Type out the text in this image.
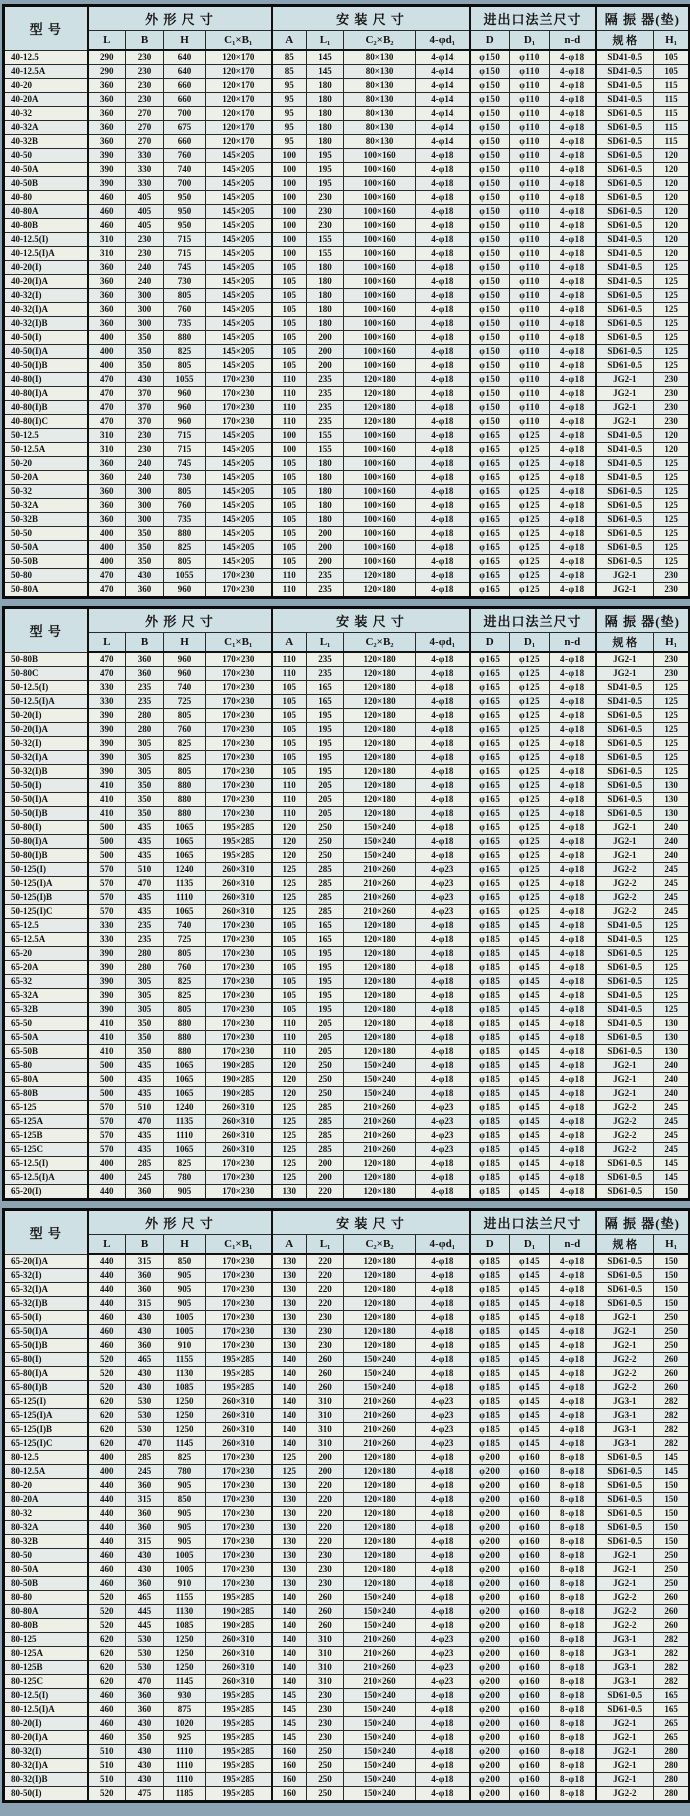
型 号	外 形 尺 寸				安 装 尺 寸				进出口法兰尺寸			隔 振 器(垫)	
	L	B	H	C₁×B₁	A	L₁	C₂×B₂	4-φd₁	D	D₁	n-d	规 格	H₁
40-12.5	290	230	640	120×170	85	145	80×130	4-φ14	φ150	φ110	4-φ18	SD41-0.5	105
40-12.5A	290	230	640	120×170	85	145	80×130	4-φ14	φ150	φ110	4-φ18	SD41-0.5	105
40-20	360	230	660	120×170	95	180	80×130	4-φ14	φ150	φ110	4-φ18	SD41-0.5	115
40-20A	360	230	660	120×170	95	180	80×130	4-φ14	φ150	φ110	4-φ18	SD41-0.5	115
40-32	360	270	700	120×170	95	180	80×130	4-φ14	φ150	φ110	4-φ18	SD61-0.5	115
40-32A	360	270	675	120×170	95	180	80×130	4-φ14	φ150	φ110	4-φ18	SD61-0.5	115
40-32B	360	270	660	120×170	95	180	80×130	4-φ14	φ150	φ110	4-φ18	SD61-0.5	115
40-50	390	330	760	145×205	100	195	100×160	4-φ18	φ150	φ110	4-φ18	SD61-0.5	120
40-50A	390	330	740	145×205	100	195	100×160	4-φ18	φ150	φ110	4-φ18	SD61-0.5	120
40-50B	390	330	700	145×205	100	195	100×160	4-φ18	φ150	φ110	4-φ18	SD61-0.5	120
40-80	460	405	950	145×205	100	230	100×160	4-φ18	φ150	φ110	4-φ18	SD61-0.5	120
40-80A	460	405	950	145×205	100	230	100×160	4-φ18	φ150	φ110	4-φ18	SD61-0.5	120
40-80B	460	405	950	145×205	100	230	100×160	4-φ18	φ150	φ110	4-φ18	SD61-0.5	120
40-12.5(I)	310	230	715	145×205	100	155	100×160	4-φ18	φ150	φ110	4-φ18	SD41-0.5	120
40-12.5(I)A	310	230	715	145×205	100	155	100×160	4-φ18	φ150	φ110	4-φ18	SD41-0.5	120
40-20(I)	360	240	745	145×205	105	180	100×160	4-φ18	φ150	φ110	4-φ18	SD41-0.5	125
40-20(I)A	360	240	730	145×205	105	180	100×160	4-φ18	φ150	φ110	4-φ18	SD41-0.5	125
40-32(I)	360	300	805	145×205	105	180	100×160	4-φ18	φ150	φ110	4-φ18	SD61-0.5	125
40-32(I)A	360	300	760	145×205	105	180	100×160	4-φ18	φ150	φ110	4-φ18	SD61-0.5	125
40-32(I)B	360	300	735	145×205	105	180	100×160	4-φ18	φ150	φ110	4-φ18	SD61-0.5	125
40-50(I)	400	350	880	145×205	105	200	100×160	4-φ18	φ150	φ110	4-φ18	SD61-0.5	125
40-50(I)A	400	350	825	145×205	105	200	100×160	4-φ18	φ150	φ110	4-φ18	SD61-0.5	125
40-50(I)B	400	350	805	145×205	105	200	100×160	4-φ18	φ150	φ110	4-φ18	SD61-0.5	125
40-80(I)	470	430	1055	170×230	110	235	120×180	4-φ18	φ150	φ110	4-φ18	JG2-1	230
40-80(I)A	470	370	960	170×230	110	235	120×180	4-φ18	φ150	φ110	4-φ18	JG2-1	230
40-80(I)B	470	370	960	170×230	110	235	120×180	4-φ18	φ150	φ110	4-φ18	JG2-1	230
40-80(I)C	470	370	960	170×230	110	235	120×180	4-φ18	φ150	φ110	4-φ18	JG2-1	230
50-12.5	310	230	715	145×205	100	155	100×160	4-φ18	φ165	φ125	4-φ18	SD41-0.5	120
50-12.5A	310	230	715	145×205	100	155	100×160	4-φ18	φ165	φ125	4-φ18	SD41-0.5	120
50-20	360	240	745	145×205	105	180	100×160	4-φ18	φ165	φ125	4-φ18	SD41-0.5	125
50-20A	360	240	730	145×205	105	180	100×160	4-φ18	φ165	φ125	4-φ18	SD41-0.5	125
50-32	360	300	805	145×205	105	180	100×160	4-φ18	φ165	φ125	4-φ18	SD61-0.5	125
50-32A	360	300	760	145×205	105	180	100×160	4-φ18	φ165	φ125	4-φ18	SD61-0.5	125
50-32B	360	300	735	145×205	105	180	100×160	4-φ18	φ165	φ125	4-φ18	SD61-0.5	125
50-50	400	350	880	145×205	105	200	100×160	4-φ18	φ165	φ125	4-φ18	SD61-0.5	125
50-50A	400	350	825	145×205	105	200	100×160	4-φ18	φ165	φ125	4-φ18	SD61-0.5	125
50-50B	400	350	805	145×205	105	200	100×160	4-φ18	φ165	φ125	4-φ18	SD61-0.5	125
50-80	470	430	1055	170×230	110	235	120×180	4-φ18	φ165	φ125	4-φ18	JG2-1	230
50-80A	470	360	960	170×230	110	235	120×180	4-φ18	φ165	φ125	4-φ18	JG2-1	230
型 号	外 形 尺 寸				安 装 尺 寸				进出口法兰尺寸			隔 振 器(垫)	
	L	B	H	C₁×B₁	A	L₁	C₂×B₂	4-φd₁	D	D₁	n-d	规 格	H₁
50-80B	470	360	960	170×230	110	235	120×180	4-φ18	φ165	φ125	4-φ18	JG2-1	230
50-80C	470	360	960	170×230	110	235	120×180	4-φ18	φ165	φ125	4-φ18	JG2-1	230
50-12.5(I)	330	235	740	170×230	105	165	120×180	4-φ18	φ165	φ125	4-φ18	SD41-0.5	125
50-12.5(I)A	330	235	725	170×230	105	165	120×180	4-φ18	φ165	φ125	4-φ18	SD41-0.5	125
50-20(I)	390	280	805	170×230	105	195	120×180	4-φ18	φ165	φ125	4-φ18	SD61-0.5	125
50-20(I)A	390	280	760	170×230	105	195	120×180	4-φ18	φ165	φ125	4-φ18	SD61-0.5	125
50-32(I)	390	305	825	170×230	105	195	120×180	4-φ18	φ165	φ125	4-φ18	SD61-0.5	125
50-32(I)A	390	305	825	170×230	105	195	120×180	4-φ18	φ165	φ125	4-φ18	SD61-0.5	125
50-32(I)B	390	305	805	170×230	105	195	120×180	4-φ18	φ165	φ125	4-φ18	SD61-0.5	125
50-50(I)	410	350	880	170×230	110	205	120×180	4-φ18	φ165	φ125	4-φ18	SD61-0.5	130
50-50(I)A	410	350	880	170×230	110	205	120×180	4-φ18	φ165	φ125	4-φ18	SD61-0.5	130
50-50(I)B	410	350	880	170×230	110	205	120×180	4-φ18	φ165	φ125	4-φ18	SD61-0.5	130
50-80(I)	500	435	1065	195×285	120	250	150×240	4-φ18	φ165	φ125	4-φ18	JG2-1	240
50-80(I)A	500	435	1065	195×285	120	250	150×240	4-φ18	φ165	φ125	4-φ18	JG2-1	240
50-80(I)B	500	435	1065	195×285	120	250	150×240	4-φ18	φ165	φ125	4-φ18	JG2-1	240
50-125(I)	570	510	1240	260×310	125	285	210×260	4-φ23	φ165	φ125	4-φ18	JG2-2	245
50-125(I)A	570	470	1135	260×310	125	285	210×260	4-φ23	φ165	φ125	4-φ18	JG2-2	245
50-125(I)B	570	435	1110	260×310	125	285	210×260	4-φ23	φ165	φ125	4-φ18	JG2-2	245
50-125(I)C	570	435	1065	260×310	125	285	210×260	4-φ23	φ165	φ125	4-φ18	JG2-2	245
65-12.5	330	235	740	170×230	105	165	120×180	4-φ18	φ185	φ145	4-φ18	SD41-0.5	125
65-12.5A	330	235	725	170×230	105	165	120×180	4-φ18	φ185	φ145	4-φ18	SD41-0.5	125
65-20	390	280	805	170×230	105	195	120×180	4-φ18	φ185	φ145	4-φ18	SD61-0.5	125
65-20A	390	280	760	170×230	105	195	120×180	4-φ18	φ185	φ145	4-φ18	SD61-0.5	125
65-32	390	305	825	170×230	105	195	120×180	4-φ18	φ185	φ145	4-φ18	SD61-0.5	125
65-32A	390	305	825	170×230	105	195	120×180	4-φ18	φ185	φ145	4-φ18	SD41-0.5	125
65-32B	390	305	805	170×230	105	195	120×180	4-φ18	φ185	φ145	4-φ18	SD41-0.5	125
65-50	410	350	880	170×230	110	205	120×180	4-φ18	φ185	φ145	4-φ18	SD41-0.5	130
65-50A	410	350	880	170×230	110	205	120×180	4-φ18	φ185	φ145	4-φ18	SD61-0.5	130
65-50B	410	350	880	170×230	110	205	120×180	4-φ18	φ185	φ145	4-φ18	SD61-0.5	130
65-80	500	435	1065	190×285	120	250	150×240	4-φ18	φ185	φ145	4-φ18	JG2-1	240
65-80A	500	435	1065	190×285	120	250	150×240	4-φ18	φ185	φ145	4-φ18	JG2-1	240
65-80B	500	435	1065	190×285	120	250	150×240	4-φ18	φ185	φ145	4-φ18	JG2-1	240
65-125	570	510	1240	260×310	125	285	210×260	4-φ23	φ185	φ145	4-φ18	JG2-2	245
65-125A	570	470	1135	260×310	125	285	210×260	4-φ23	φ185	φ145	4-φ18	JG2-2	245
65-125B	570	435	1110	260×310	125	285	210×260	4-φ23	φ185	φ145	4-φ18	JG2-2	245
65-125C	570	435	1065	260×310	125	285	210×260	4-φ23	φ185	φ145	4-φ18	JG2-2	245
65-12.5(I)	400	285	825	170×230	125	200	120×180	4-φ18	φ185	φ145	4-φ18	SD61-0.5	145
65-12.5(I)A	400	245	780	170×230	125	200	120×180	4-φ18	φ185	φ145	4-φ18	SD61-0.5	145
65-20(I)	440	360	905	170×230	130	220	120×180	4-φ18	φ185	φ145	4-φ18	SD61-0.5	150
型 号	外 形 尺 寸				安 装 尺 寸				进出口法兰尺寸			隔 振 器(垫)	
	L	B	H	C₁×B₁	A	L₁	C₂×B₂	4-φd₁	D	D₁	n-d	规 格	H₁
65-20(I)A	440	315	850	170×230	130	220	120×180	4-φ18	φ185	φ145	4-φ18	SD61-0.5	150
65-32(I)	440	360	905	170×230	130	220	120×180	4-φ18	φ185	φ145	4-φ18	SD61-0.5	150
65-32(I)A	440	360	905	170×230	130	220	120×180	4-φ18	φ185	φ145	4-φ18	SD61-0.5	150
65-32(I)B	440	315	905	170×230	130	220	120×180	4-φ18	φ185	φ145	4-φ18	SD61-0.5	150
65-50(I)	460	430	1005	170×230	130	230	120×180	4-φ18	φ185	φ145	4-φ18	JG2-1	250
65-50(I)A	460	430	1005	170×230	130	230	120×180	4-φ18	φ185	φ145	4-φ18	JG2-1	250
65-50(I)B	460	360	910	170×230	130	230	120×180	4-φ18	φ185	φ145	4-φ18	JG2-1	250
65-80(I)	520	465	1155	195×285	140	260	150×240	4-φ18	φ185	φ145	4-φ18	JG2-2	260
65-80(I)A	520	430	1130	195×285	140	260	150×240	4-φ18	φ185	φ145	4-φ18	JG2-2	260
65-80(I)B	520	430	1085	195×285	140	260	150×240	4-φ18	φ185	φ145	4-φ18	JG2-2	260
65-125(I)	620	530	1250	260×310	140	310	210×260	4-φ23	φ185	φ145	4-φ18	JG3-1	282
65-125(I)A	620	530	1250	260×310	140	310	210×260	4-φ23	φ185	φ145	4-φ18	JG3-1	282
65-125(I)B	620	530	1250	260×310	140	310	210×260	4-φ23	φ185	φ145	4-φ18	JG3-1	282
65-125(I)C	620	470	1145	260×310	140	310	210×260	4-φ23	φ185	φ145	4-φ18	JG3-1	282
80-12.5	400	285	825	170×230	125	200	120×180	4-φ18	φ200	φ160	8-φ18	SD61-0.5	145
80-12.5A	400	245	780	170×230	125	200	120×180	4-φ18	φ200	φ160	8-φ18	SD61-0.5	145
80-20	440	360	905	170×230	130	220	120×180	4-φ18	φ200	φ160	8-φ18	SD61-0.5	150
80-20A	440	315	850	170×230	130	220	120×180	4-φ18	φ200	φ160	8-φ18	SD61-0.5	150
80-32	440	360	905	170×230	130	220	120×180	4-φ18	φ200	φ160	8-φ18	SD61-0.5	150
80-32A	440	360	905	170×230	130	220	120×180	4-φ18	φ200	φ160	8-φ18	SD61-0.5	150
80-32B	440	315	905	170×230	130	220	120×180	4-φ18	φ200	φ160	8-φ18	SD61-0.5	150
80-50	460	430	1005	170×230	130	230	120×180	4-φ18	φ200	φ160	8-φ18	JG2-1	250
80-50A	460	430	1005	170×230	130	230	120×180	4-φ18	φ200	φ160	8-φ18	JG2-1	250
80-50B	460	360	910	170×230	130	230	120×180	4-φ18	φ200	φ160	8-φ18	JG2-1	250
80-80	520	465	1155	195×285	140	260	150×240	4-φ18	φ200	φ160	8-φ18	JG2-2	260
80-80A	520	445	1130	190×285	140	260	150×240	4-φ18	φ200	φ160	8-φ18	JG2-2	260
80-80B	520	445	1085	190×285	140	260	150×240	4-φ18	φ200	φ160	8-φ18	JG2-2	260
80-125	620	530	1250	260×310	140	310	210×260	4-φ23	φ200	φ160	8-φ18	JG3-1	282
80-125A	620	530	1250	260×310	140	310	210×260	4-φ23	φ200	φ160	8-φ18	JG3-1	282
80-125B	620	530	1250	260×310	140	310	210×260	4-φ23	φ200	φ160	8-φ18	JG3-1	282
80-125C	620	470	1145	260×310	140	310	210×260	4-φ23	φ200	φ160	8-φ18	JG3-1	282
80-12.5(I)	460	360	930	195×285	145	230	150×240	4-φ18	φ200	φ160	8-φ18	SD61-0.5	165
80-12.5(I)A	460	360	875	195×285	145	230	150×240	4-φ18	φ200	φ160	8-φ18	SD61-0.5	165
80-20(I)	460	430	1020	195×285	145	230	150×240	4-φ18	φ200	φ160	8-φ18	JG2-1	265
80-20(I)A	460	350	925	195×285	145	230	150×240	4-φ18	φ200	φ160	8-φ18	JG2-1	265
80-32(I)	510	430	1110	195×285	160	250	150×240	4-φ18	φ200	φ160	8-φ18	JG2-1	280
80-32(I)A	510	430	1110	195×285	160	250	150×240	4-φ18	φ200	φ160	8-φ18	JG2-1	280
80-32(I)B	510	430	1110	195×285	160	250	150×240	4-φ18	φ200	φ160	8-φ18	JG2-1	280
80-50(I)	520	475	1185	195×285	160	250	150×240	4-φ18	φ200	φ160	8-φ18	JG2-2	280
